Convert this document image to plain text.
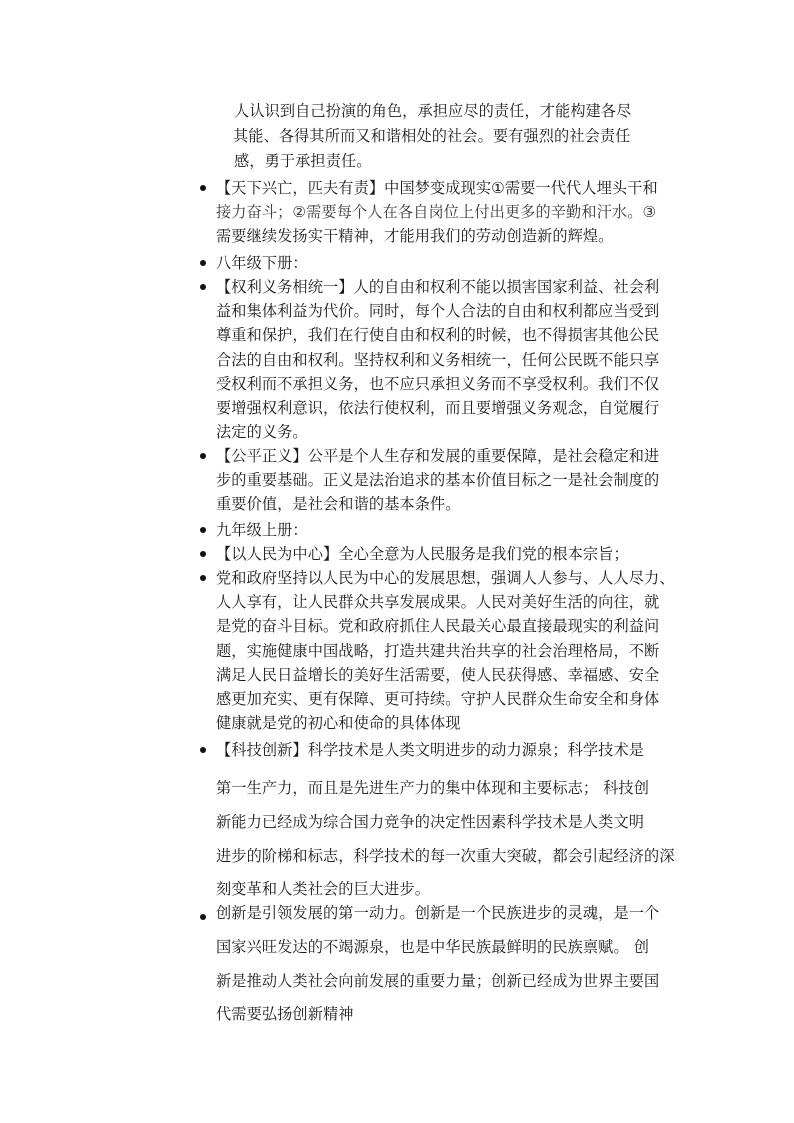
人认识到自己扮演的角色，承担应尽的责任，才能构建各尽
其能、各得其所而又和谐相处的社会。要有强烈的社会责任
感，勇于承担责任。
【天下兴亡，匹夫有责】中国梦变成现实①需要一代代人埋头干和
接力奋斗；②需要每个人在各自岗位上付出更多的辛勤和汗水。③
需要继续发扬实干精神，才能用我们的劳动创造新的辉煌。
八年级下册：
【权利义务相统一】人的自由和权利不能以损害国家利益、社会利
益和集体利益为代价。同时，每个人合法的自由和权利都应当受到
尊重和保护，我们在行使自由和权利的时候，也不得损害其他公民
合法的自由和权利。坚持权利和义务相统一，任何公民既不能只享
受权利而不承担义务，也不应只承担义务而不享受权利。我们不仅
要增强权利意识，依法行使权利，而且要增强义务观念，自觉履行
法定的义务。
【公平正义】公平是个人生存和发展的重要保障，是社会稳定和进
步的重要基础。正义是法治追求的基本价值目标之一是社会制度的
重要价值，是社会和谐的基本条件。
九年级上册：
【以人民为中心】全心全意为人民服务是我们党的根本宗旨；
党和政府坚持以人民为中心的发展思想，强调人人参与、人人尽力、
人人享有，让人民群众共享发展成果。人民对美好生活的向往，就
是党的奋斗目标。党和政府抓住人民最关心最直接最现实的利益问
题，实施健康中国战略，打造共建共治共享的社会治理格局，不断
满足人民日益增长的美好生活需要，使人民获得感、幸福感、安全
感更加充实、更有保障、更可持续。守护人民群众生命安全和身体
健康就是党的初心和使命的具体体现
【科技创新】科学技术是人类文明进步的动力源泉；科学技术是
第一生产力，而且是先进生产力的集中体现和主要标志； 科技创
新能力已经成为综合国力竞争的决定性因素科学技术是人类文明
进步的阶梯和标志，科学技术的每一次重大突破，都会引起经济的深
刻变革和人类社会的巨大进步。
创新是引领发展的第一动力。创新是一个民族进步的灵魂，是一个
国家兴旺发达的不竭源泉，也是中华民族最鲜明的民族禀赋。 创
新是推动人类社会向前发展的重要力量；创新已经成为世界主要国
代需要弘扬创新精神
